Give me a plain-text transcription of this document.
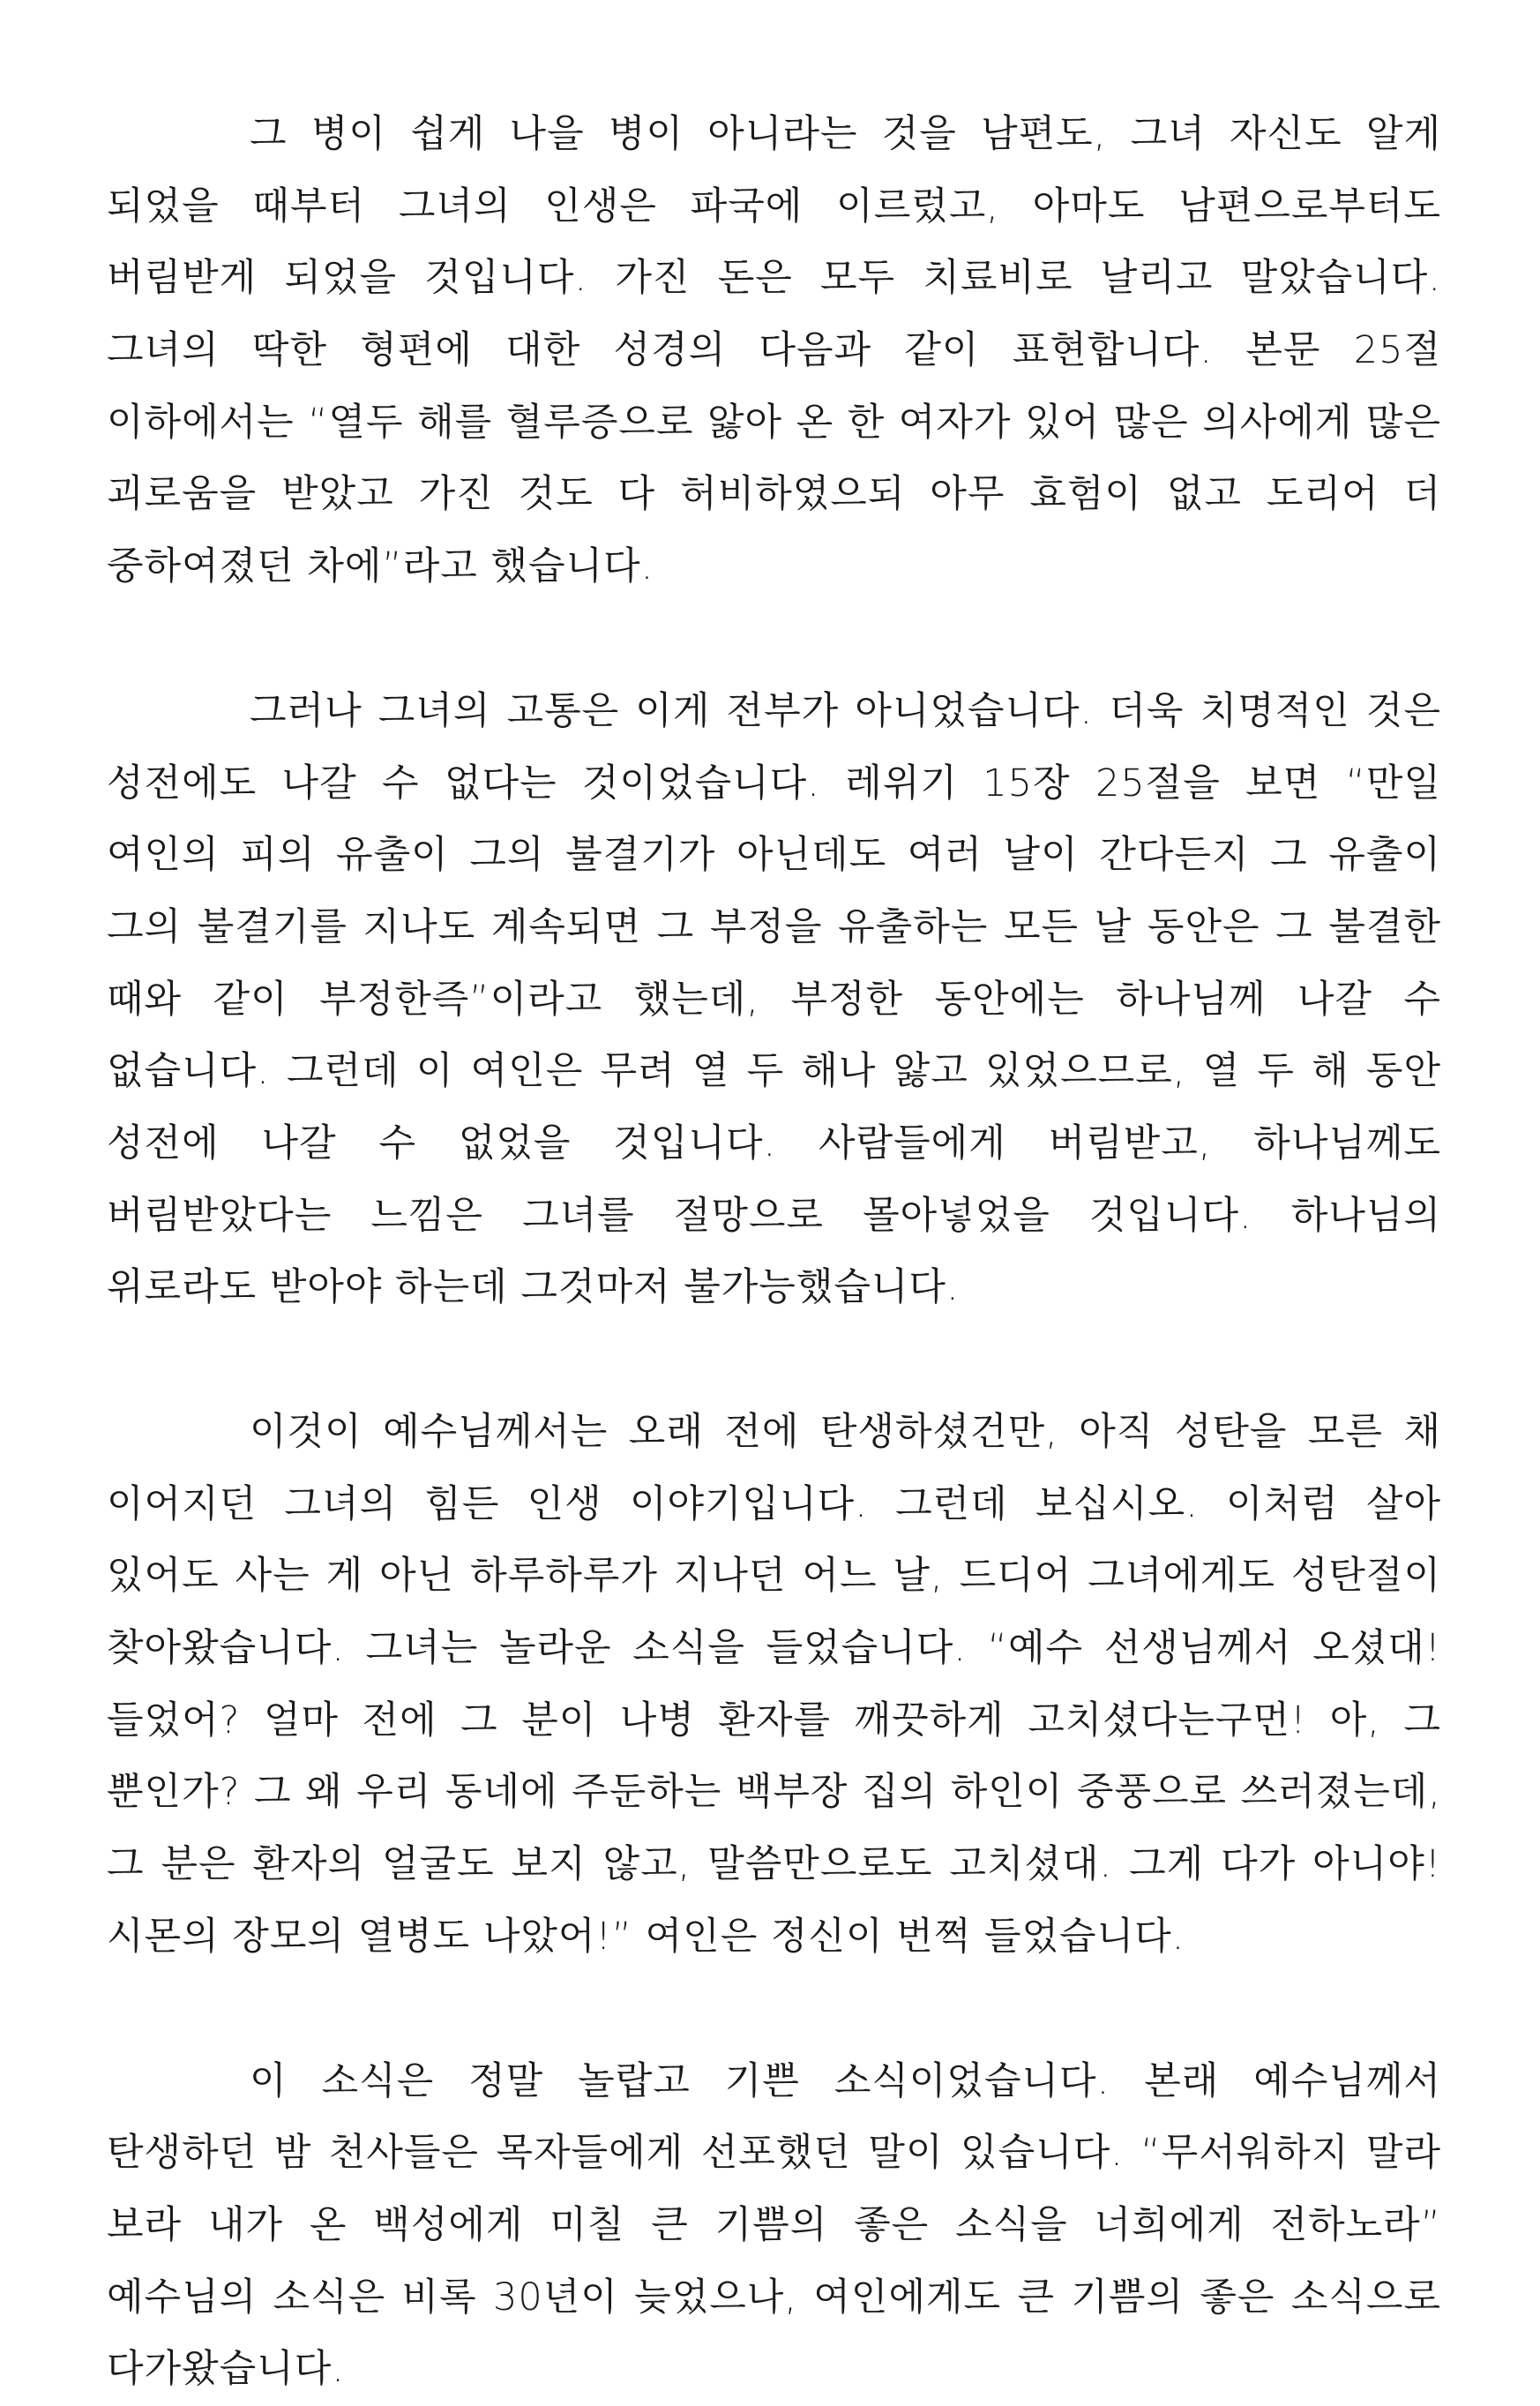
그 병이 쉽게 나을 병이 아니라는 것을 남편도, 그녀 자신도 알게 되었을 때부터 그녀의 인생은 파국에 이르렀고, 아마도 남편으로부터도 버림받게 되었을 것입니다. 가진 돈은 모두 치료비로 날리고 말았습니다. 그녀의 딱한 형편에 대한 성경의 다음과 같이 표현합니다. 본문 25절 이하에서는 “열두 해를 혈루증으로 앓아 온 한 여자가 있어 많은 의사에게 많은 괴로움을 받았고 가진 것도 다 허비하였으되 아무 효험이 없고 도리어 더 중하여졌던 차에”라고 했습니다.

그러나 그녀의 고통은 이게 전부가 아니었습니다. 더욱 치명적인 것은 성전에도 나갈 수 없다는 것이었습니다. 레위기 15장 25절을 보면 “만일 여인의 피의 유출이 그의 불결기가 아닌데도 여러 날이 간다든지 그 유출이 그의 불결기를 지나도 계속되면 그 부정을 유출하는 모든 날 동안은 그 불결한 때와 같이 부정한즉”이라고 했는데, 부정한 동안에는 하나님께 나갈 수 없습니다. 그런데 이 여인은 무려 열 두 해나 앓고 있었으므로, 열 두 해 동안 성전에 나갈 수 없었을 것입니다. 사람들에게 버림받고, 하나님께도 버림받았다는 느낌은 그녀를 절망으로 몰아넣었을 것입니다. 하나님의 위로라도 받아야 하는데 그것마저 불가능했습니다.

이것이 예수님께서는 오래 전에 탄생하셨건만, 아직 성탄을 모른 채 이어지던 그녀의 힘든 인생 이야기입니다. 그런데 보십시오. 이처럼 살아 있어도 사는 게 아닌 하루하루가 지나던 어느 날, 드디어 그녀에게도 성탄절이 찾아왔습니다. 그녀는 놀라운 소식을 들었습니다. “예수 선생님께서 오셨대! 들었어? 얼마 전에 그 분이 나병 환자를 깨끗하게 고치셨다는구먼! 아, 그 뿐인가? 그 왜 우리 동네에 주둔하는 백부장 집의 하인이 중풍으로 쓰러졌는데, 그 분은 환자의 얼굴도 보지 않고, 말씀만으로도 고치셨대. 그게 다가 아니야! 시몬의 장모의 열병도 나았어!” 여인은 정신이 번쩍 들었습니다.

이 소식은 정말 놀랍고 기쁜 소식이었습니다. 본래 예수님께서 탄생하던 밤 천사들은 목자들에게 선포했던 말이 있습니다. “무서워하지 말라 보라 내가 온 백성에게 미칠 큰 기쁨의 좋은 소식을 너희에게 전하노라” 예수님의 소식은 비록 30년이 늦었으나, 여인에게도 큰 기쁨의 좋은 소식으로 다가왔습니다.
